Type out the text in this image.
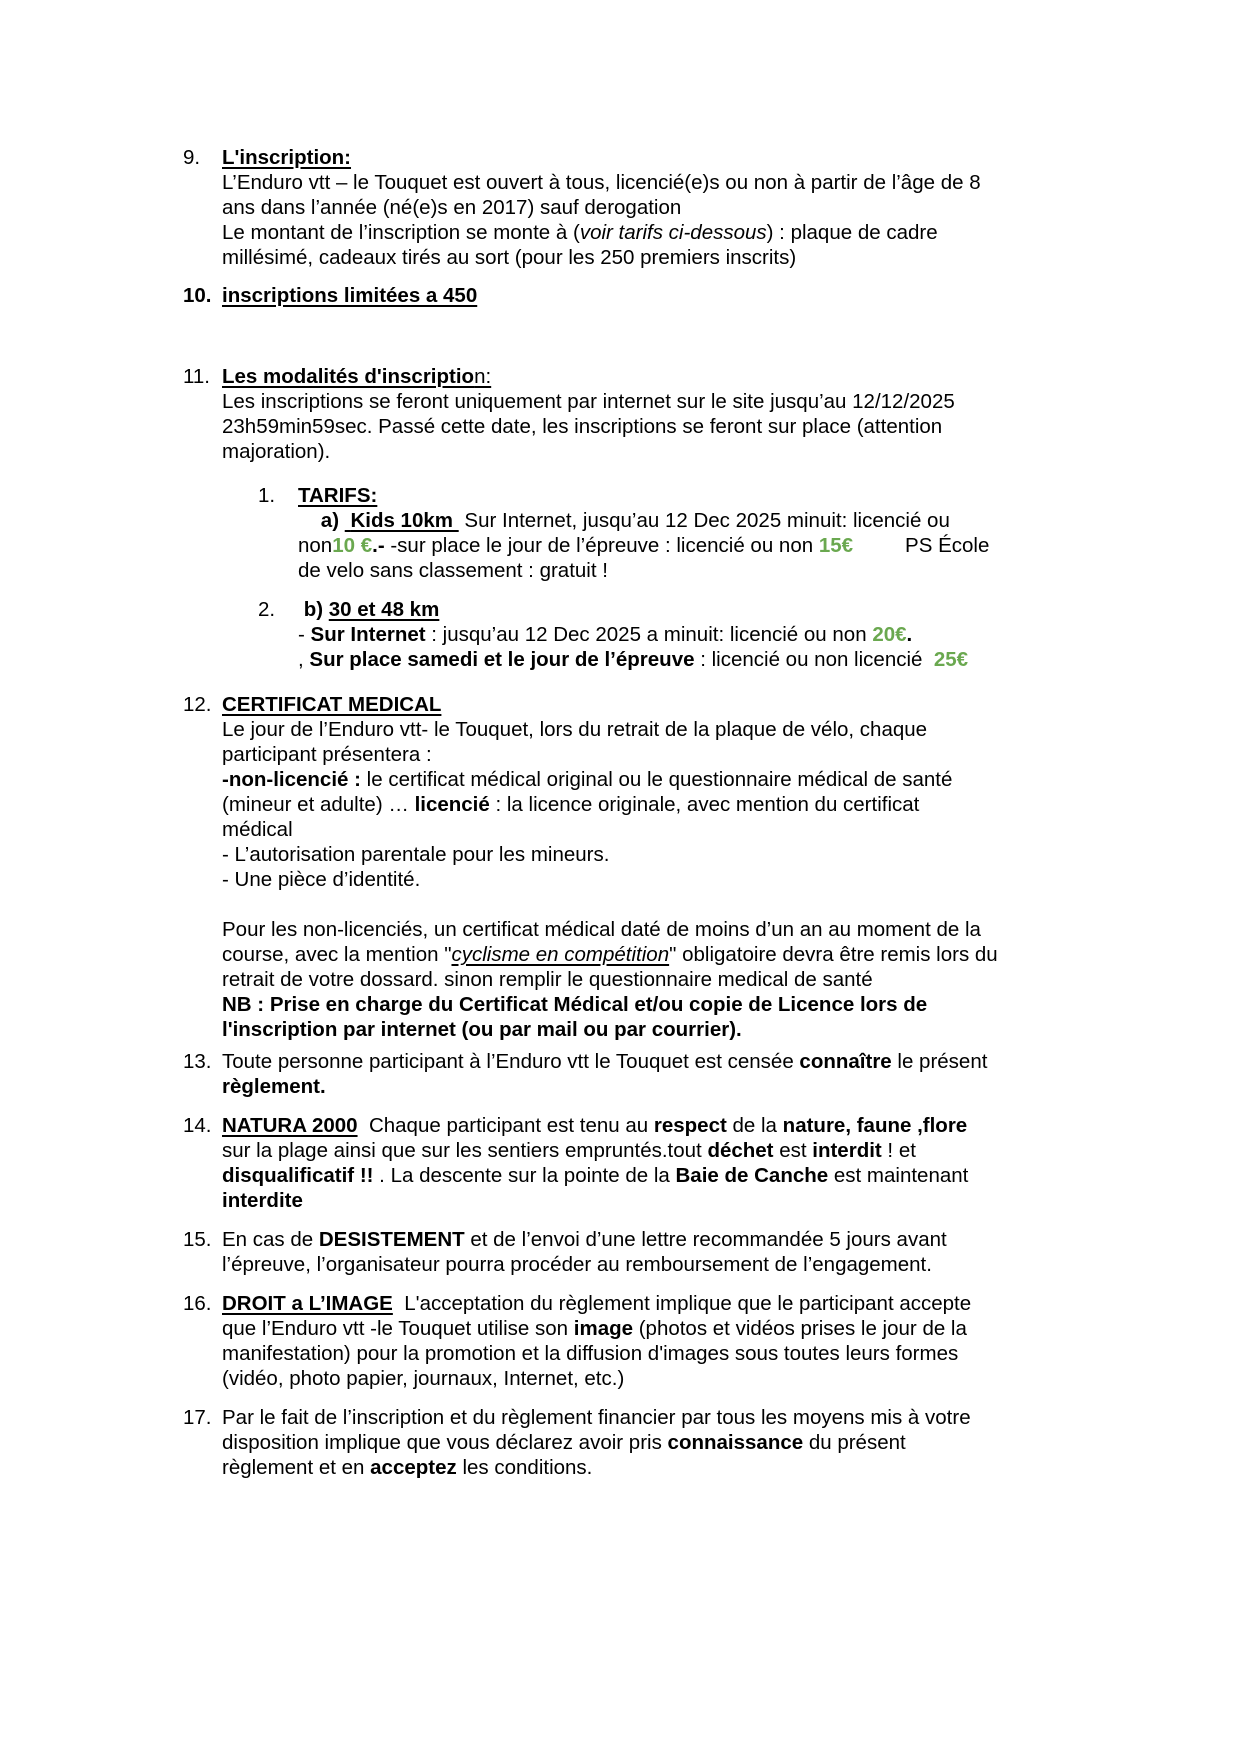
9.	L'inscription:

L’Enduro vtt – le Touquet est ouvert à tous, licencié(e)s ou non à partir de l’âge de 8

ans dans l’année (né(e)s en 2017) sauf derogation

Le montant de l’inscription se monte à (voir tarifs ci-dessous) : plaque de cadre

millésimé, cadeaux tirés au sort (pour les 250 premiers inscrits)

10. inscriptions limitées a 450

11. Les modalités d'inscription:

Les inscriptions se feront uniquement par internet sur le site jusqu’au 12/12/2025

23h59min59sec. Passé cette date, les inscriptions se feront sur place (attention

majoration).

1.	TARIFS:

a) Kids 10km  Sur Internet, jusqu’au 12 Dec 2025 minuit: licencié ou

non10 €.- -sur place le jour de l’épreuve : licencié ou non 15€	PS École

de velo sans classement : gratuit !

2.	b) 30 et 48 km

- Sur Internet : jusqu’au 12 Dec 2025 a minuit: licencié ou non 20€.

, Sur place samedi et le jour de l’épreuve : licencié ou non licencié  25€

12. CERTIFICAT MEDICAL

Le jour de l’Enduro vtt- le Touquet, lors du retrait de la plaque de vélo, chaque

participant présentera :

-non-licencié : le certificat médical original ou le questionnaire médical de santé

(mineur et adulte) … licencié : la licence originale, avec mention du certificat

médical

- L’autorisation parentale pour les mineurs.

- Une pièce d’identité.

Pour les non-licenciés, un certificat médical daté de moins d’un an au moment de la

course, avec la mention "cyclisme en compétition" obligatoire devra être remis lors du

retrait de votre dossard. sinon remplir le questionnaire medical de santé

NB : Prise en charge du Certificat Médical et/ou copie de Licence lors de

l'inscription par internet (ou par mail ou par courrier).

13. Toute personne participant à l’Enduro vtt le Touquet est censée connaître le présent

règlement.

14. NATURA 2000  Chaque participant est tenu au respect de la nature, faune ,flore

sur la plage ainsi que sur les sentiers empruntés.tout déchet est interdit ! et

disqualificatif !! . La descente sur la pointe de la Baie de Canche est maintenant

interdite

15. En cas de DESISTEMENT et de l’envoi d’une lettre recommandée 5 jours avant

l’épreuve, l’organisateur pourra procéder au remboursement de l’engagement.

16. DROIT a L’IMAGE  L'acceptation du règlement implique que le participant accepte

que l’Enduro vtt -le Touquet utilise son image (photos et vidéos prises le jour de la

manifestation) pour la promotion et la diffusion d'images sous toutes leurs formes

(vidéo, photo papier, journaux, Internet, etc.)

17. Par le fait de l’inscription et du règlement financier par tous les moyens mis à votre

disposition implique que vous déclarez avoir pris connaissance du présent

règlement et en acceptez les conditions.
